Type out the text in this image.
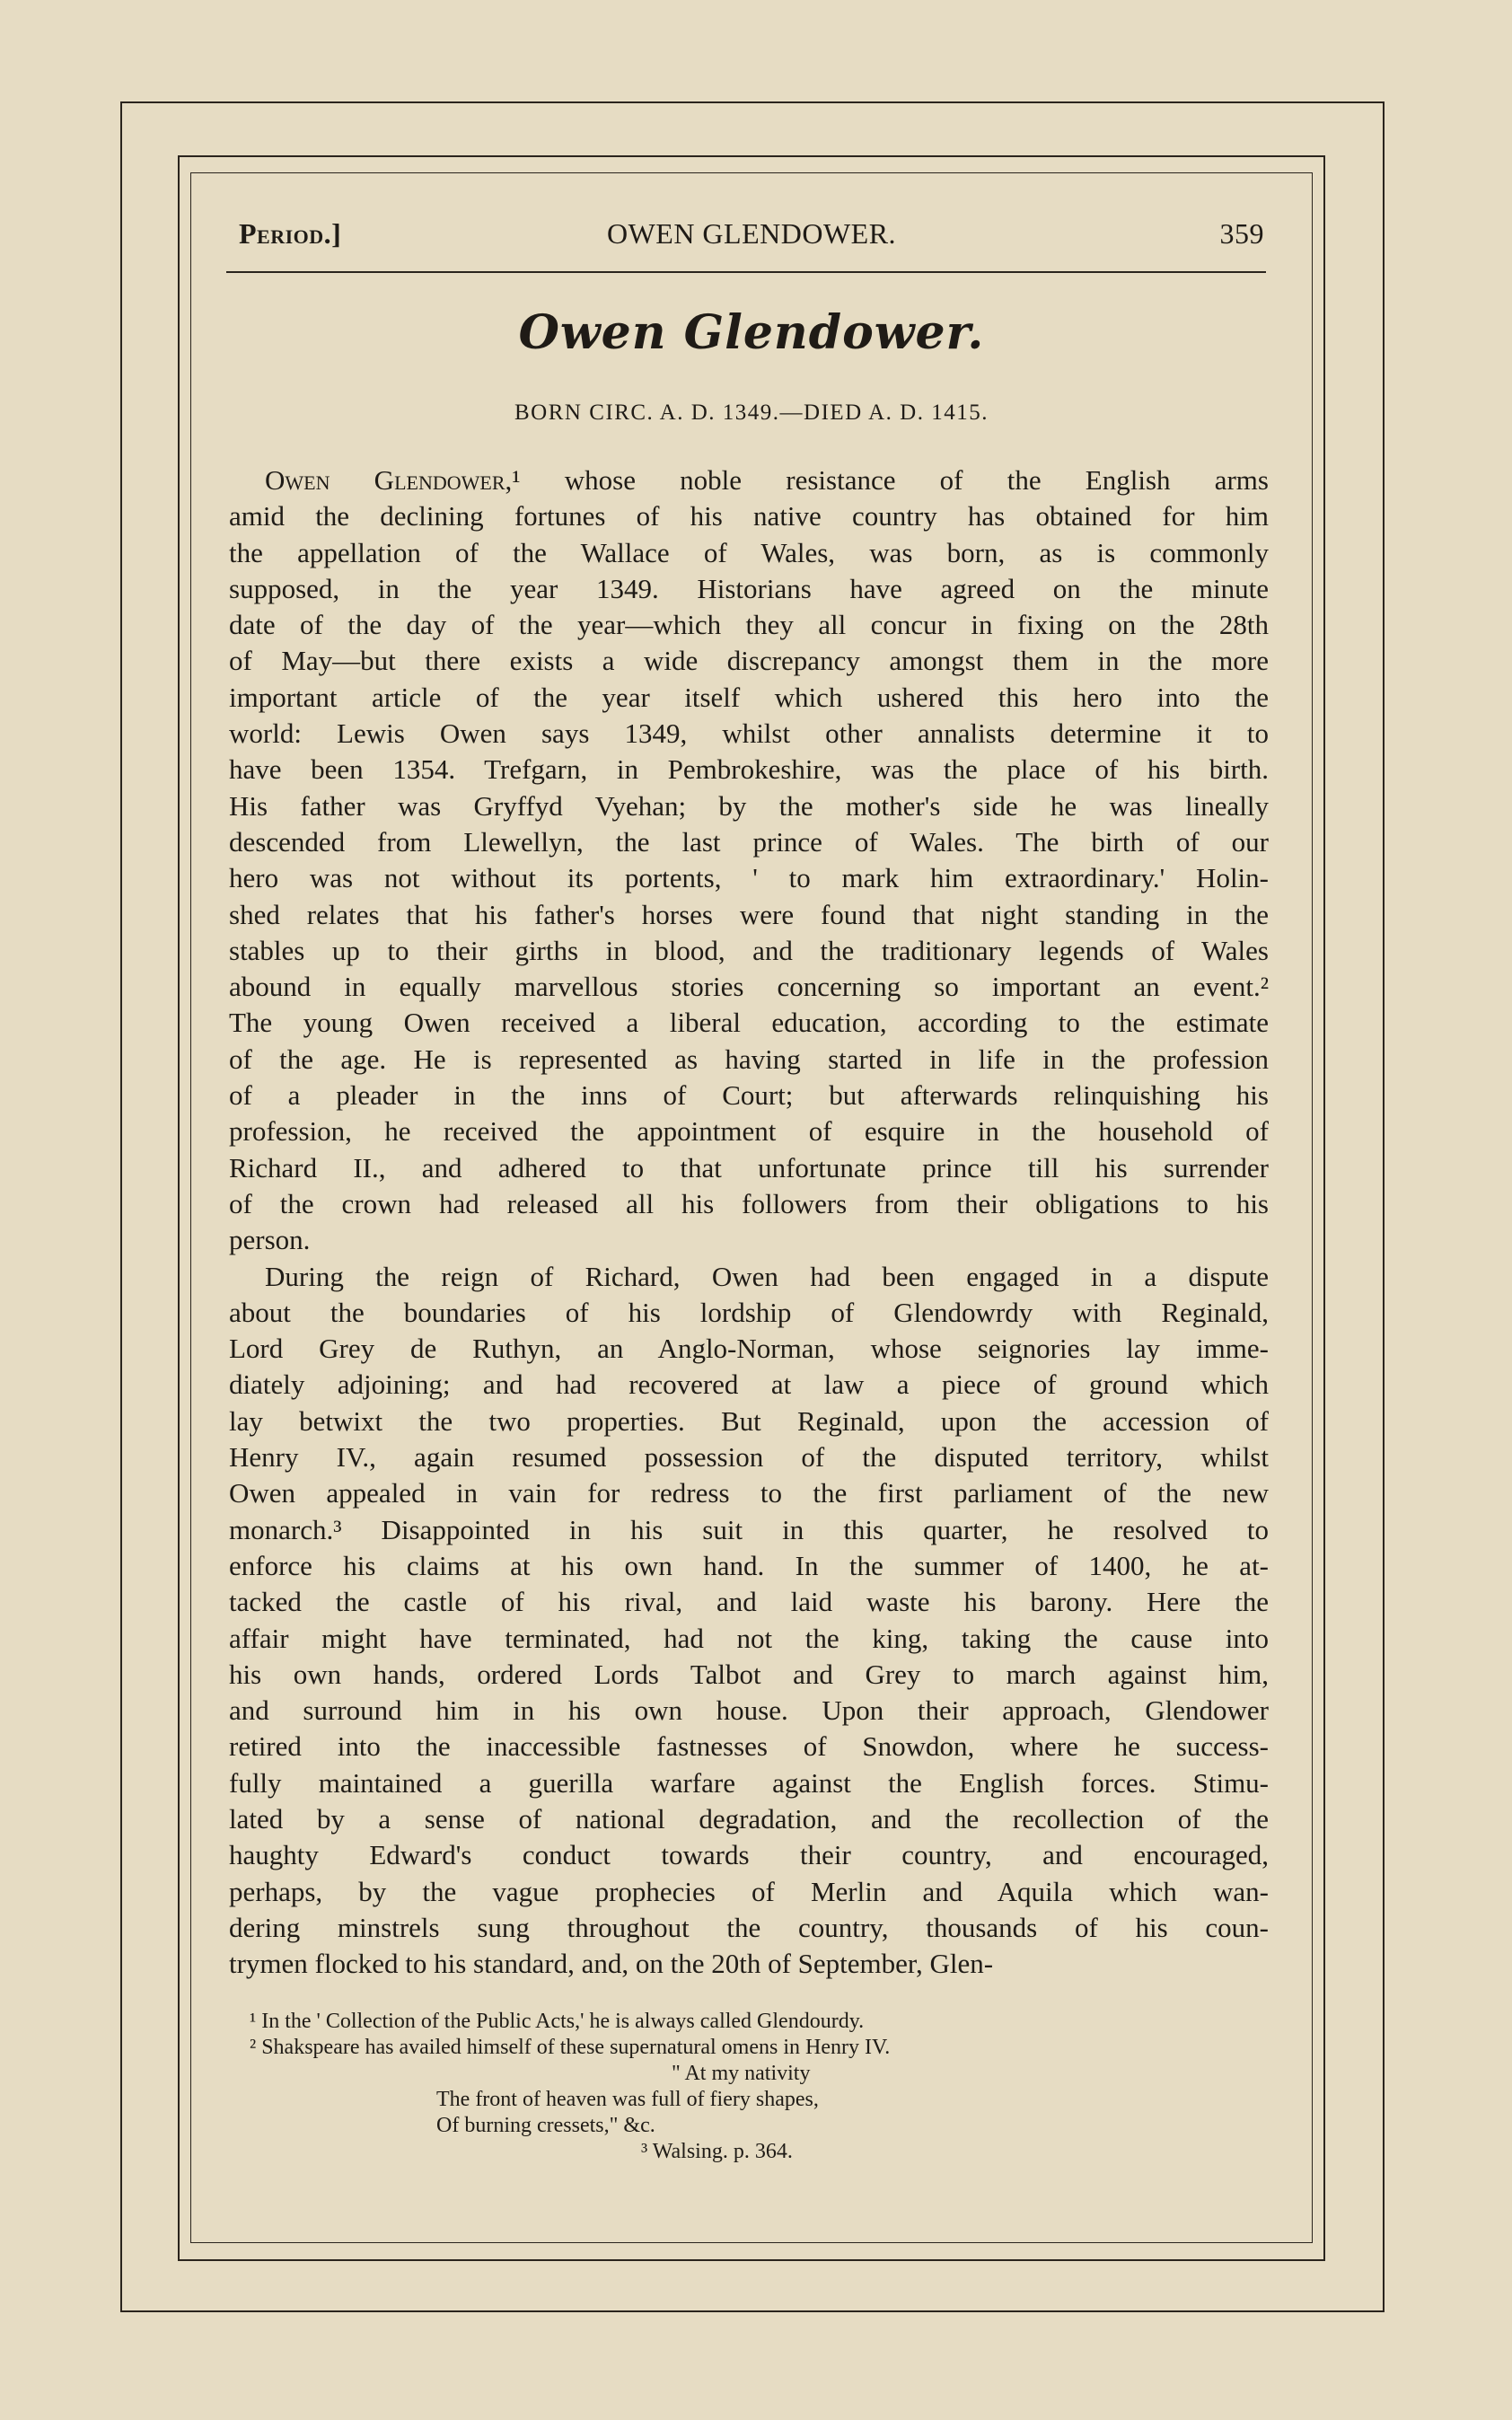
Period.]	OWEN GLENDOWER.	359
Owen Glendower.
BORN CIRC. A. D. 1349.—DIED A. D. 1415.
Owen Glendower,¹ whose noble resistance of the English arms
amid the declining fortunes of his native country has obtained for him
the appellation of the Wallace of Wales, was born, as is commonly
supposed, in the year 1349. Historians have agreed on the minute
date of the day of the year—which they all concur in fixing on the 28th
of May—but there exists a wide discrepancy amongst them in the more
important article of the year itself which ushered this hero into the
world: Lewis Owen says 1349, whilst other annalists determine it to
have been 1354. Trefgarn, in Pembrokeshire, was the place of his birth.
His father was Gryffyd Vyehan; by the mother's side he was lineally
descended from Llewellyn, the last prince of Wales. The birth of our
hero was not without its portents, ' to mark him extraordinary.' Holin-
shed relates that his father's horses were found that night standing in the
stables up to their girths in blood, and the traditionary legends of Wales
abound in equally marvellous stories concerning so important an event.²
The young Owen received a liberal education, according to the estimate
of the age. He is represented as having started in life in the profession
of a pleader in the inns of Court; but afterwards relinquishing his
profession, he received the appointment of esquire in the household of
Richard II., and adhered to that unfortunate prince till his surrender
of the crown had released all his followers from their obligations to his
person.
During the reign of Richard, Owen had been engaged in a dispute
about the boundaries of his lordship of Glendowrdy with Reginald,
Lord Grey de Ruthyn, an Anglo-Norman, whose seignories lay imme-
diately adjoining; and had recovered at law a piece of ground which
lay betwixt the two properties. But Reginald, upon the accession of
Henry IV., again resumed possession of the disputed territory, whilst
Owen appealed in vain for redress to the first parliament of the new
monarch.³ Disappointed in his suit in this quarter, he resolved to
enforce his claims at his own hand. In the summer of 1400, he at-
tacked the castle of his rival, and laid waste his barony. Here the
affair might have terminated, had not the king, taking the cause into
his own hands, ordered Lords Talbot and Grey to march against him,
and surround him in his own house. Upon their approach, Glendower
retired into the inaccessible fastnesses of Snowdon, where he success-
fully maintained a guerilla warfare against the English forces. Stimu-
lated by a sense of national degradation, and the recollection of the
haughty Edward's conduct towards their country, and encouraged,
perhaps, by the vague prophecies of Merlin and Aquila which wan-
dering minstrels sung throughout the country, thousands of his coun-
trymen flocked to his standard, and, on the 20th of September, Glen-
¹ In the ' Collection of the Public Acts,' he is always called Glendourdy.
² Shakspeare has availed himself of these supernatural omens in Henry IV.
" At my nativity
The front of heaven was full of fiery shapes,
Of burning cressets," &c.
³ Walsing. p. 364.
